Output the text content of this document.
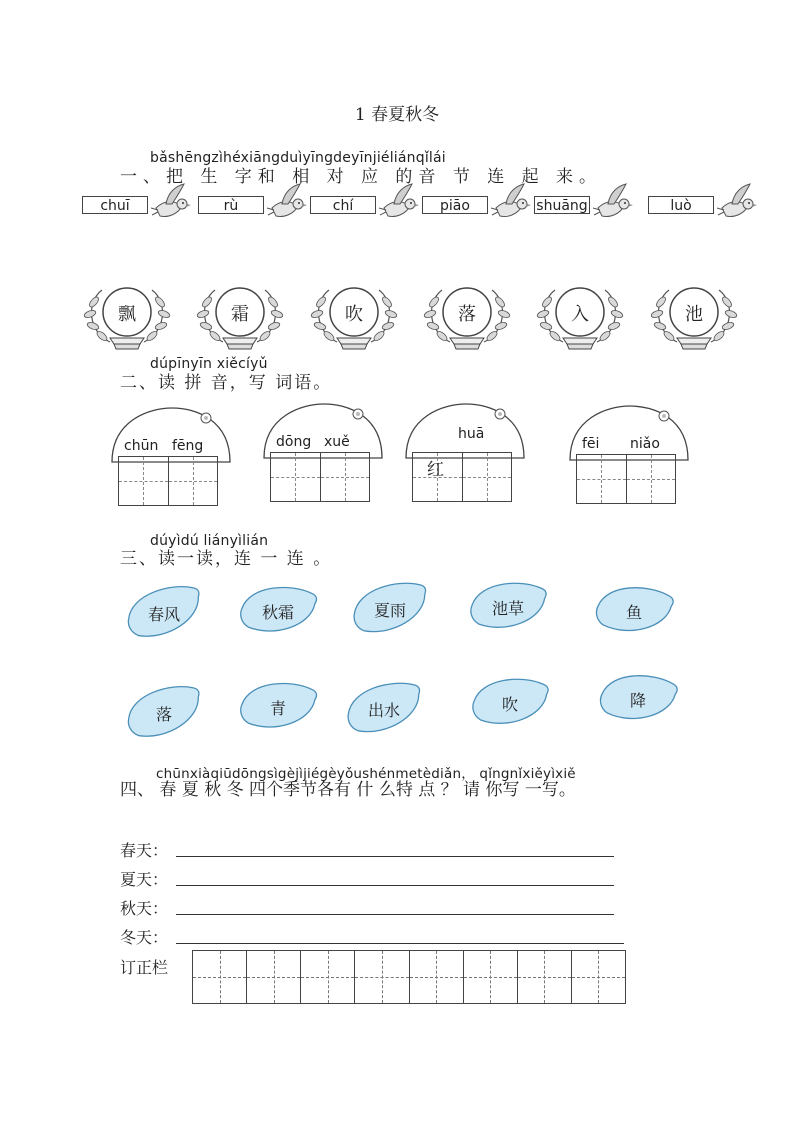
1 春夏秋冬
bǎshēngzìhéxiāngduìyīngdeyīnjiéliánqǐlái
一、把 生 字和 相 对 应 的音 节 连 起 来。
chuī	rù	chí	piāo	shuāng	luò
飘	霜	吹	落	入	池
dúpīnyīn xiěcíyǔ
二、读 拼 音，写 词语。
chūn fēng	dōng xuě	huā
红
fēi niǎo
dúyìdú liányìlián
三、读一读，连 一 连 。
春风	秋霜	夏雨	池草	鱼
落	青	出水	吹	降
chūnxiàqiūdōngsìgèjìjiégèyǒushénmetèdiǎn， qǐngnǐxiěyìxiě
四、 春 夏 秋 冬 四个季节各有 什 么特 点 ？ 请 你写 一写。
春天：
夏天：
秋天：
冬天：
订正栏
